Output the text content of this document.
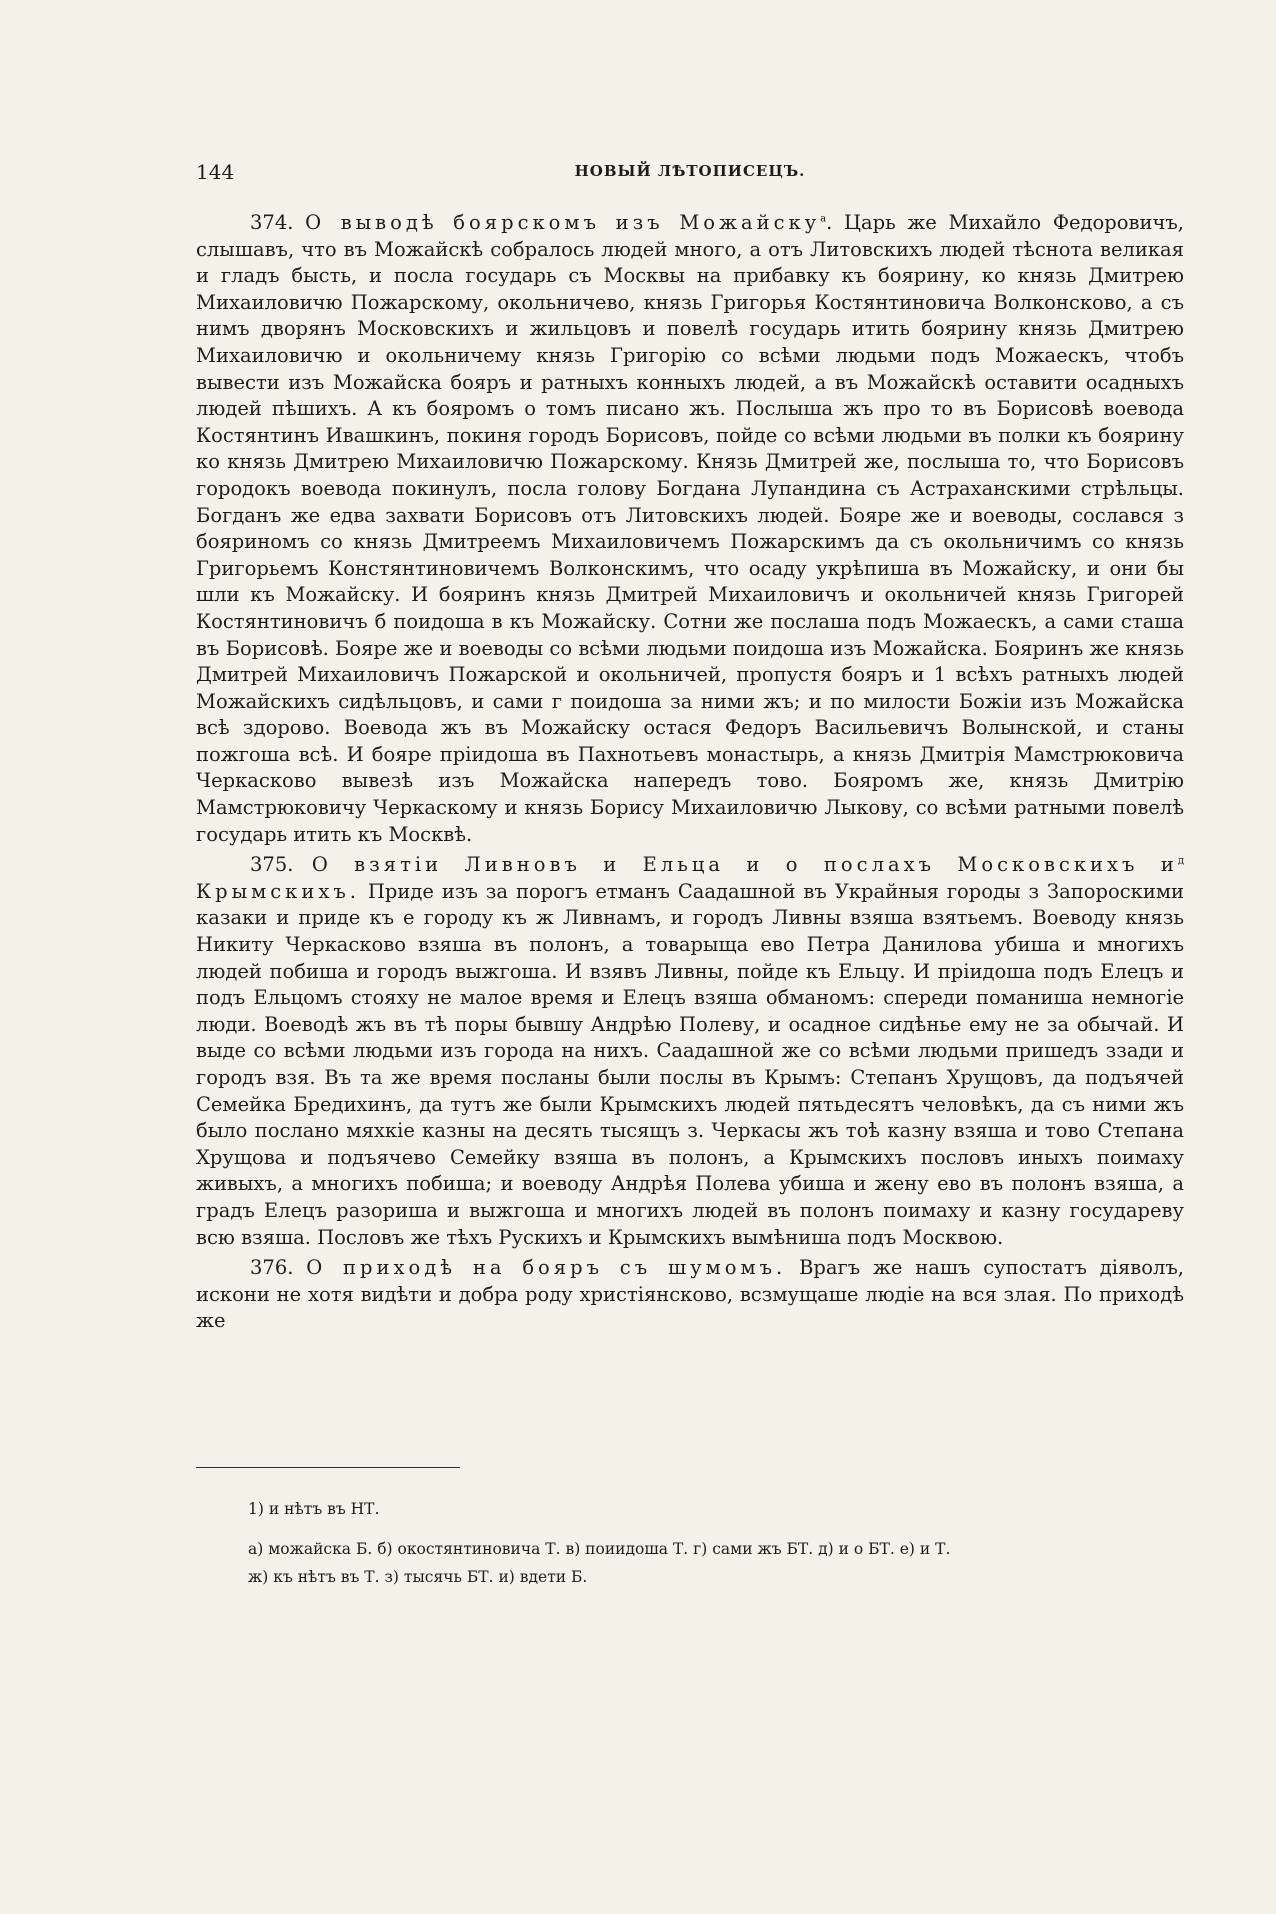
144	НОВЫЙ ЛѢТОПИСЕЦЪ.

374. О выводѣ боярскомъ изъ Можайску$^а$. Царь же Михайло Федоровичъ, слышавъ, что въ Можайскѣ собралось людей много, а отъ Литовскихъ людей тѣснота великая и гладъ бысть, и посла государь съ Москвы на прибавку къ боярину, ко князь Дмитрею Михаиловичю Пожарскому, окольничево, князь Григорья Костянтиновича Волконсково, а съ нимъ дворянъ Московскихъ и жильцовъ и повелѣ государь итить боярину князь Дмитрею Михаиловичю и окольничему князь Григорію со всѣми людьми подъ Можаескъ, чтобъ вывести изъ Можайска бояръ и ратныхъ конныхъ людей, а въ Можайскѣ оставити осадныхъ людей пѣшихъ. А къ бояромъ о томъ писано жъ. Послыша жъ про то въ Борисовѣ воевода Костянтинъ Ивашкинъ, покиня городъ Борисовъ, пойде со всѣми людьми въ полки къ боярину ко князь Дмитрею Михаиловичю Пожарскому. Князь Дмитрей же, послыша то, что Борисовъ городокъ воевода покинулъ, посла голову Богдана Лупандина съ Астраханскими стрѣльцы. Богданъ же едва захвати Борисовъ отъ Литовскихъ людей. Бояре же и воеводы, сослався з бояриномъ со князь Дмитреемъ Михаиловичемъ Пожарскимъ да съ окольничимъ со князь Григорьемъ Констянтиновичемъ Волконскимъ, что осаду укрѣпиша въ Можайску, и они бы шли къ Можайску. И бояринъ князь Дмитрей Михаиловичъ и окольничей князь Григорей Костянтиновичъ б поидоша в къ Можайску. Сотни же послаша подъ Можаескъ, а сами сташа въ Борисовѣ. Бояре же и воеводы со всѣми людьми поидоша изъ Можайска. Бояринъ же князь Дмитрей Михаиловичъ Пожарской и окольничей, пропустя бояръ и 1 всѣхъ ратныхъ людей Можайскихъ сидѣльцовъ, и сами г поидоша за ними жъ; и по милости Божіи изъ Можайска всѣ здорово. Воевода жъ въ Можайску остася Федоръ Васильевичъ Волынской, и станы пожгоша всѣ. И бояре прiидоша въ Пахнотьевъ монастырь, а князь Дмитрія Мамстрюковича Черкасково вывезѣ изъ Можайска напередъ тово. Бояромъ же, князь Дмитрію Мамстрюковичу Черкаскому и князь Борису Михаиловичю Лыкову, со всѣми ратными повелѣ государь итить къ Москвѣ.

375. О взятіи Ливновъ и Ельца и о послахъ Московскихъ $и^д$ Крымскихъ. Приде изъ за порогъ етманъ Саадашной въ Украйныя городы з Запороскими казаки и приде къ е городу къ ж Ливнамъ, и городъ Ливны взяша взятьемъ. Воеводу князь Никиту Черкасково взяша въ полонъ, а товарыща ево Петра Данилова убиша и многихъ людей побиша и городъ выжгоша. И взявъ Ливны, пойде къ Ельцу. И прiидоша подъ Елецъ и подъ Ельцомъ стояху не малое время и Елецъ взяша обманомъ: спереди поманиша немногіе люди. Воеводѣ жъ въ тѣ поры бывшу Андрѣю Полеву, и осадное сидѣнье ему не за обычай. И выде со всѣми людьми изъ города на нихъ. Саадашной же со всѣми людьми пришедъ ззади и городъ взя. Въ та же время посланы были послы въ Крымъ: Степанъ Хрущовъ, да подъячей Семейка Бредихинъ, да тутъ же были Крымскихъ людей пятьдесятъ человѣкъ, да съ ними жъ было послано мяхкіе казны на десять тысящъ з. Черкасы жъ тоѣ казну взяша и тово Степана Хрущова и подъячево Семейку взяша въ полонъ, а Крымскихъ пословъ иныхъ поимаху живыхъ, а многихъ побиша; и воеводу Андрѣя Полева убиша и жену ево въ полонъ взяша, а градъ Елецъ разориша и выжгоша и многихъ людей въ полонъ поимаху и казну государеву всю взяша. Пословъ же тѣхъ Рускихъ и Крымскихъ вымѣниша подъ Москвою.

376. О приходѣ на бояръ съ шумомъ. Врагъ же нашъ супостатъ діяволъ, искони не хотя видѣти и добра роду христіянсково, всзмущаше людіе на вся злая. По приходѣ же

1) и нѣтъ въ НТ.

а) можайска Б. б) окостянтиновича Т. в) поиидоша Т. г) сами жъ БТ. д) и о БТ. е) и Т.

ж) къ нѣтъ въ Т. з) тысячь БТ. и) вдети Б.
